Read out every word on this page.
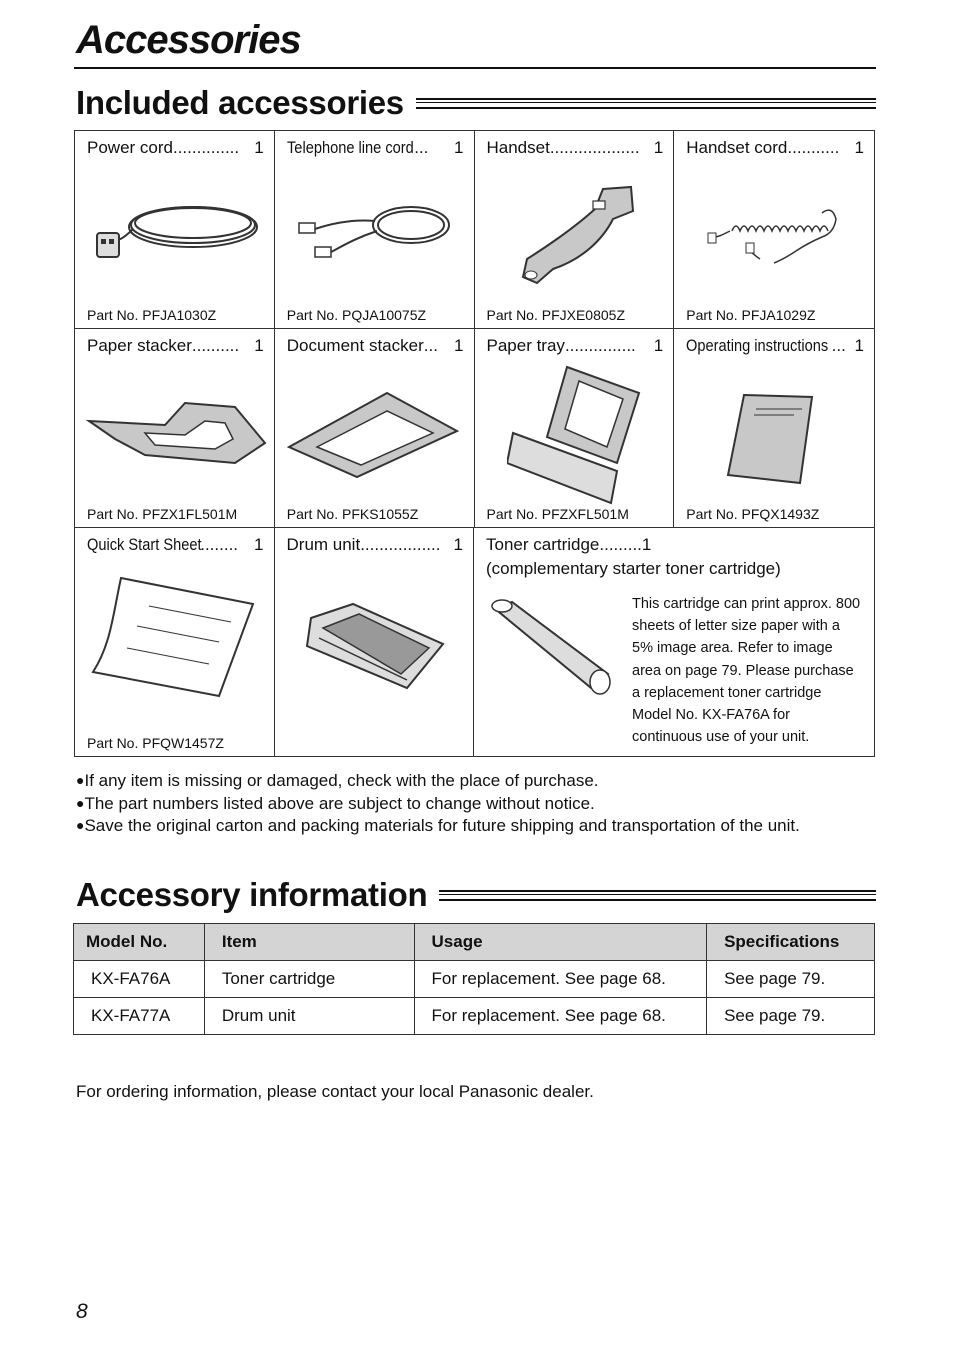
Accessories
Included accessories
Power cord .............. 1
Part No. PFJA1030Z
Telephone line cord ...	1
Part No. PQJA10075Z
Handset ................... 1
Part No. PFJXE0805Z
Handset cord ........... 1
Part No. PFJA1029Z
Paper stacker .......... 1
Part No. PFZX1FL501M
Document stacker ... 1
Part No. PFKS1055Z
Paper tray ...............	1
Part No. PFZXFL501M
Operating instructions ... 1
Part No. PFQX1493Z
Quick Start Sheet
........ 1
Part No. PFQW1457Z
Drum unit ................. 1 Toner cartridge ......... 1
(complementary starter toner cartridge)
This cartridge can print approx. 800 sheets of letter size paper with a 5% image area. Refer to image area on page 79. Please purchase a replacement toner cartridge Model No. KX-FA76A for continuous use of your unit.
●If any item is missing or damaged, check with the place of purchase.
●The part numbers listed above are subject to change without notice.
●Save the original carton and packing materials for future shipping and transportation of the unit.
Accessory information
Model No.	Item	Usage	Specifications
KX-FA76A	Toner cartridge	For replacement. See page 68.	See page 79.
KX-FA77A	Drum unit	For replacement. See page 68.	See page 79.
For ordering information, please contact your local Panasonic dealer.
8
